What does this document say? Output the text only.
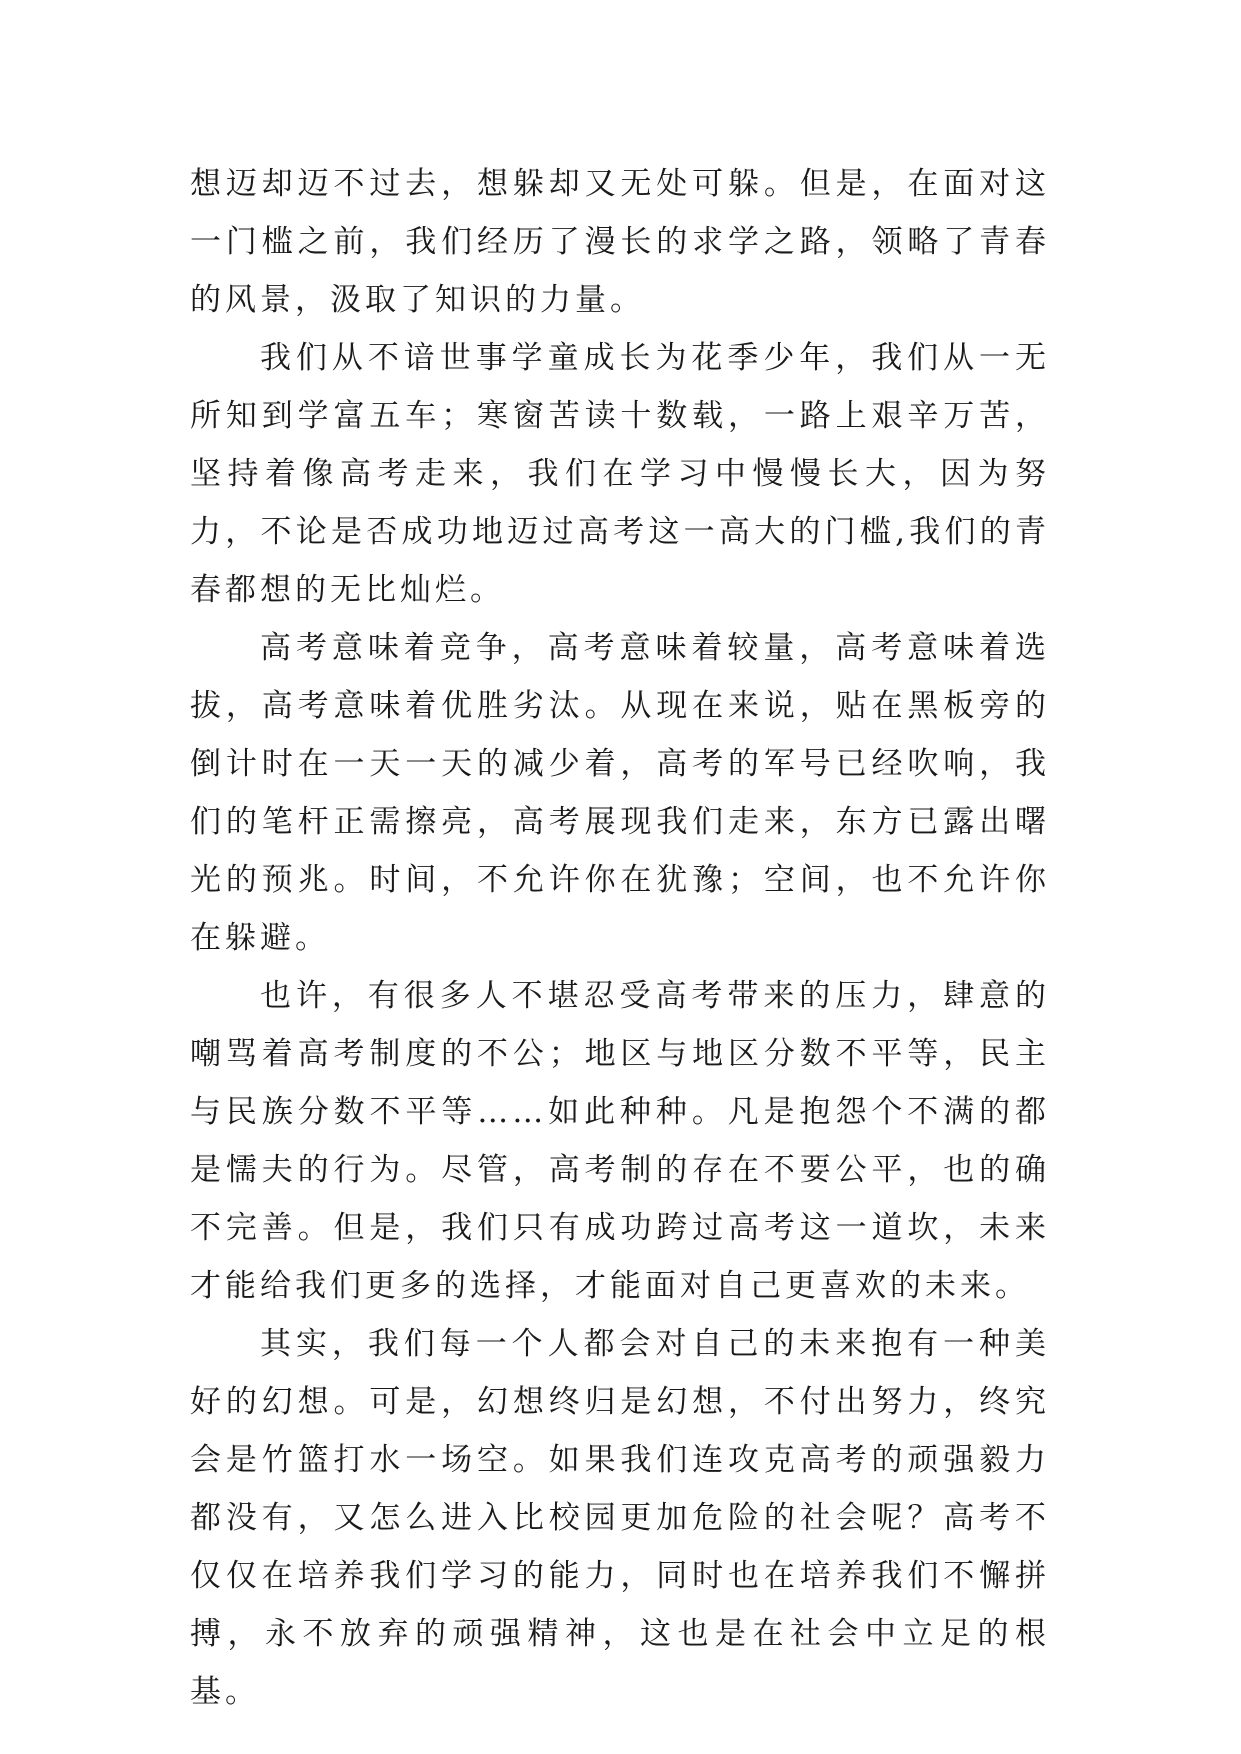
想迈却迈不过去，想躲却又无处可躲。但是，在面对这一门槛之前，我们经历了漫长的求学之路，领略了青春的风景，汲取了知识的力量。

我们从不谙世事学童成长为花季少年，我们从一无所知到学富五车；寒窗苦读十数载，一路上艰辛万苦，坚持着像高考走来，我们在学习中慢慢长大，因为努力，不论是否成功地迈过高考这一高大的门槛,我们的青春都想的无比灿烂。

高考意味着竞争，高考意味着较量，高考意味着选拔，高考意味着优胜劣汰。从现在来说，贴在黑板旁的倒计时在一天一天的减少着，高考的军号已经吹响，我们的笔杆正需擦亮，高考展现我们走来，东方已露出曙光的预兆。时间，不允许你在犹豫；空间，也不允许你在躲避。

也许，有很多人不堪忍受高考带来的压力，肆意的嘲骂着高考制度的不公；地区与地区分数不平等，民主与民族分数不平等……如此种种。凡是抱怨个不满的都是懦夫的行为。尽管，高考制的存在不要公平，也的确不完善。但是，我们只有成功跨过高考这一道坎，未来才能给我们更多的选择，才能面对自己更喜欢的未来。

其实，我们每一个人都会对自己的未来抱有一种美好的幻想。可是，幻想终归是幻想，不付出努力，终究会是竹篮打水一场空。如果我们连攻克高考的顽强毅力都没有，又怎么进入比校园更加危险的社会呢？高考不仅仅在培养我们学习的能力，同时也在培养我们不懈拼搏，永不放弃的顽强精神，这也是在社会中立足的根基。
